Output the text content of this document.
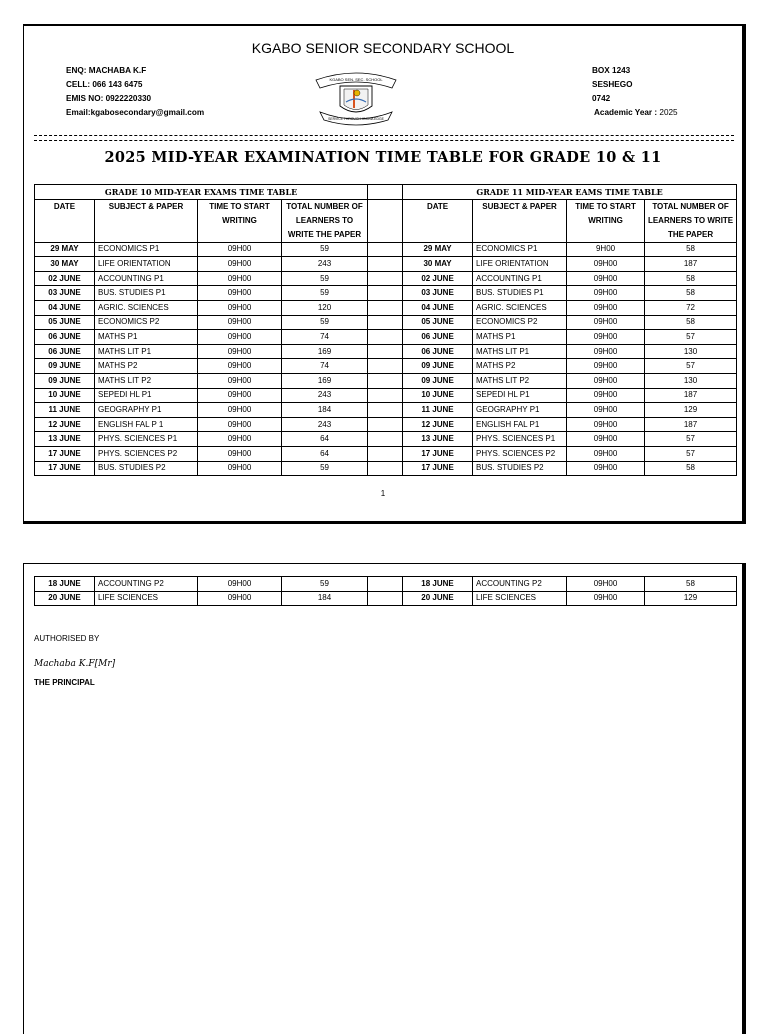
KGABO SENIOR SECONDARY SCHOOL
ENQ: MACHABA K.F
CELL: 066 143 6475
EMIS NO: 0922220330
Email:kgabosecondary@gmail.com
KGABO SEN. SEC. SCHOOL
SERVICE THROUGH KNOWLEDGE
BOX 1243
SESHEGO
0742
Academic Year : 2025
2025 MID-YEAR EXAMINATION TIME TABLE FOR GRADE 10 & 11
GRADE 10 MID-YEAR EXAMS TIME TABLE					GRADE 11 MID-YEAR EAMS TIME TABLE			
DATE	SUBJECT & PAPER	TIME TO START WRITING	TOTAL NUMBER OF LEARNERS TO WRITE THE PAPER		DATE	SUBJECT & PAPER	TIME TO START WRITING	TOTAL NUMBER OF LEARNERS TO WRITE THE PAPER
29 MAY	ECONOMICS P1	09H00	59		29 MAY	ECONOMICS P1	9H00	58
30 MAY	LIFE ORIENTATION	09H00	243		30 MAY	LIFE ORIENTATION	09H00	187
02 JUNE	ACCOUNTING P1	09H00	59		02 JUNE	ACCOUNTING P1	09H00	58
03 JUNE	BUS. STUDIES P1	09H00	59		03 JUNE	BUS. STUDIES P1	09H00	58
04 JUNE	AGRIC. SCIENCES	09H00	120		04 JUNE	AGRIC. SCIENCES	09H00	72
05 JUNE	ECONOMICS P2	09H00	59		05 JUNE	ECONOMICS P2	09H00	58
06 JUNE	MATHS P1	09H00	74		06 JUNE	MATHS P1	09H00	57
06 JUNE	MATHS LIT P1	09H00	169		06 JUNE	MATHS LIT P1	09H00	130
09 JUNE	MATHS P2	09H00	74		09 JUNE	MATHS P2	09H00	57
09 JUNE	MATHS LIT P2	09H00	169		09 JUNE	MATHS LIT P2	09H00	130
10 JUNE	SEPEDI HL P1	09H00	243		10 JUNE	SEPEDI HL P1	09H00	187
11 JUNE	GEOGRAPHY P1	09H00	184		11 JUNE	GEOGRAPHY P1	09H00	129
12 JUNE	ENGLISH FAL P 1	09H00	243		12 JUNE	ENGLISH FAL P1	09H00	187
13 JUNE	PHYS. SCIENCES P1	09H00	64		13 JUNE	PHYS. SCIENCES P1	09H00	57
17 JUNE	PHYS. SCIENCES P2	09H00	64		17 JUNE	PHYS. SCIENCES P2	09H00	57
17 JUNE	BUS. STUDIES P2	09H00	59		17 JUNE	BUS. STUDIES P2	09H00	58
1
18 JUNE	ACCOUNTING P2	09H00	59		18 JUNE	ACCOUNTING P2	09H00	58
20 JUNE	LIFE SCIENCES	09H00	184		20 JUNE	LIFE SCIENCES	09H00	129
AUTHORISED BY
Machaba K.F[Mr]
THE PRINCIPAL
